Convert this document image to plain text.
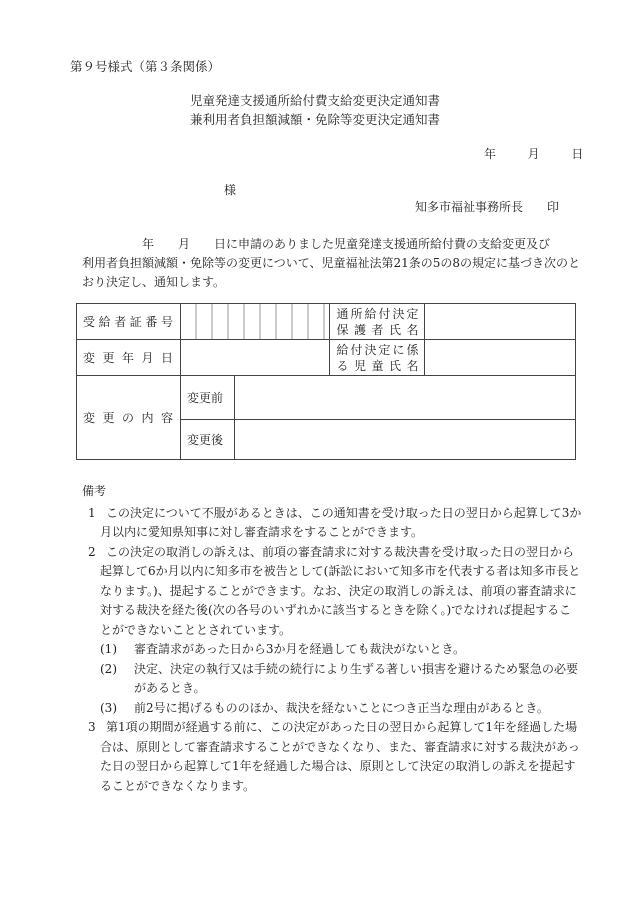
第９号様式（第３条関係）
児童発達支援通所給付費支給変更決定通知書
兼利用者負担額減額・免除等変更決定通知書
年	月	日
様
知多市福祉事務所長　　印

年　　月　　日に申請のありました児童発達支援通所給付費の支給変更及び

利用者負担額減額・免除等の変更について、児童福祉法第21条の5の8の規定に基づき次のとおり決定し、通知します。

受給者証番号			通所給付決定保護者氏名	

変更年月日			給付決定に係る児童氏名	

変更の内容	変更前			
	変更後			

備考

1 この決定について不服があるときは、この通知書を受け取った日の翌日から起算して3か月以内に愛知県知事に対し審査請求をすることができます。

2 この決定の取消しの訴えは、前項の審査請求に対する裁決書を受け取った日の翌日から起算して6か月以内に知多市を被告として(訴訟において知多市を代表する者は知多市長となります。)、提起することができます。なお、決定の取消しの訴えは、前項の審査請求に対する裁決を経た後(次の各号のいずれかに該当するときを除く。)でなければ提起することができないこととされています。

(1) 審査請求があった日から3か月を経過しても裁決がないとき。

(2) 決定、決定の執行又は手続の続行により生ずる著しい損害を避けるため緊急の必要があるとき。

(3) 前2号に掲げるもののほか、裁決を経ないことにつき正当な理由があるとき。

3 第1項の期間が経過する前に、この決定があった日の翌日から起算して1年を経過した場合は、原則として審査請求することができなくなり、また、審査請求に対する裁決があった日の翌日から起算して1年を経過した場合は、原則として決定の取消しの訴えを提起することができなくなります。
